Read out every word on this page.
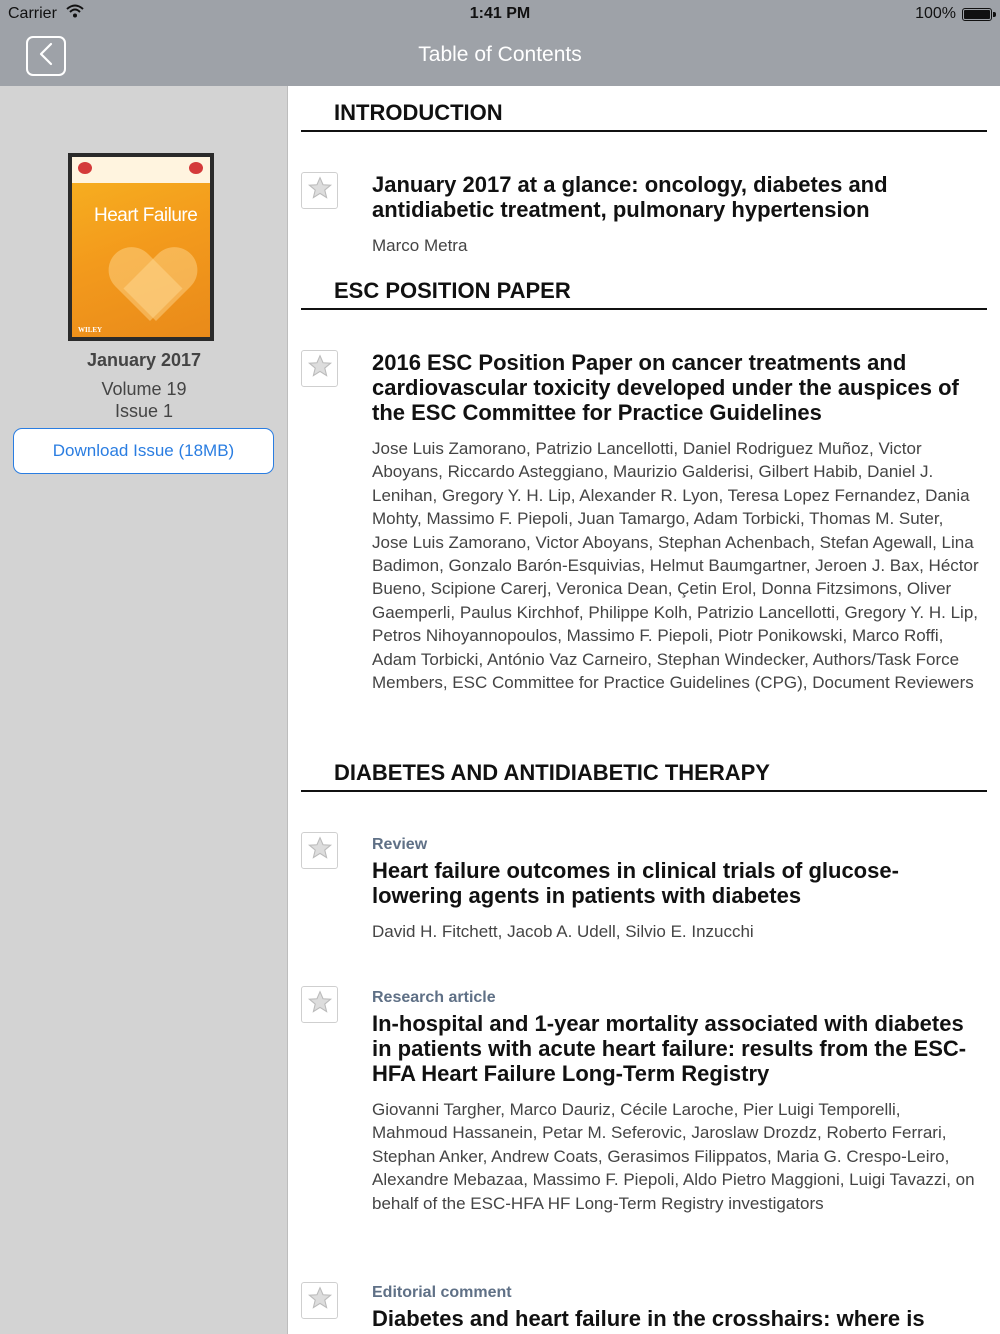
Carrier	1:41 PM	100%
Table of Contents
Heart Failure
WILEY
January 2017
Volume 19
Issue 1
Download Issue (18MB)
INTRODUCTION
January 2017 at a glance: oncology, diabetes and antidiabetic treatment, pulmonary hypertension
Marco Metra
ESC POSITION PAPER
2016 ESC Position Paper on cancer treatments and cardiovascular toxicity developed under the auspices of the ESC Committee for Practice Guidelines
Jose Luis Zamorano, Patrizio Lancellotti, Daniel Rodriguez Muñoz, Victor Aboyans, Riccardo Asteggiano, Maurizio Galderisi, Gilbert Habib, Daniel J. Lenihan, Gregory Y. H. Lip, Alexander R. Lyon, Teresa Lopez Fernandez, Dania Mohty, Massimo F. Piepoli, Juan Tamargo, Adam Torbicki, Thomas M. Suter, Jose Luis Zamorano, Victor Aboyans, Stephan Achenbach, Stefan Agewall, Lina Badimon, Gonzalo Barón-Esquivias, Helmut Baumgartner, Jeroen J. Bax, Héctor Bueno, Scipione Carerj, Veronica Dean, Çetin Erol, Donna Fitzsimons, Oliver Gaemperli, Paulus Kirchhof, Philippe Kolh, Patrizio Lancellotti, Gregory Y. H. Lip, Petros Nihoyannopoulos, Massimo F. Piepoli, Piotr Ponikowski, Marco Roffi, Adam Torbicki, António Vaz Carneiro, Stephan Windecker, Authors/Task Force Members, ESC Committee for Practice Guidelines (CPG), Document Reviewers
DIABETES AND ANTIDIABETIC THERAPY
Review
Heart failure outcomes in clinical trials of glucose-lowering agents in patients with diabetes
David H. Fitchett, Jacob A. Udell, Silvio E. Inzucchi
Research article
In-hospital and 1-year mortality associated with diabetes in patients with acute heart failure: results from the ESC-HFA Heart Failure Long-Term Registry
Giovanni Targher, Marco Dauriz, Cécile Laroche, Pier Luigi Temporelli, Mahmoud Hassanein, Petar M. Seferovic, Jaroslaw Drozdz, Roberto Ferrari, Stephan Anker, Andrew Coats, Gerasimos Filippatos, Maria G. Crespo-Leiro, Alexandre Mebazaa, Massimo F. Piepoli, Aldo Pietro Maggioni, Luigi Tavazzi, on behalf of the ESC-HFA HF Long-Term Registry investigators
Editorial comment
Diabetes and heart failure in the crosshairs: where is
